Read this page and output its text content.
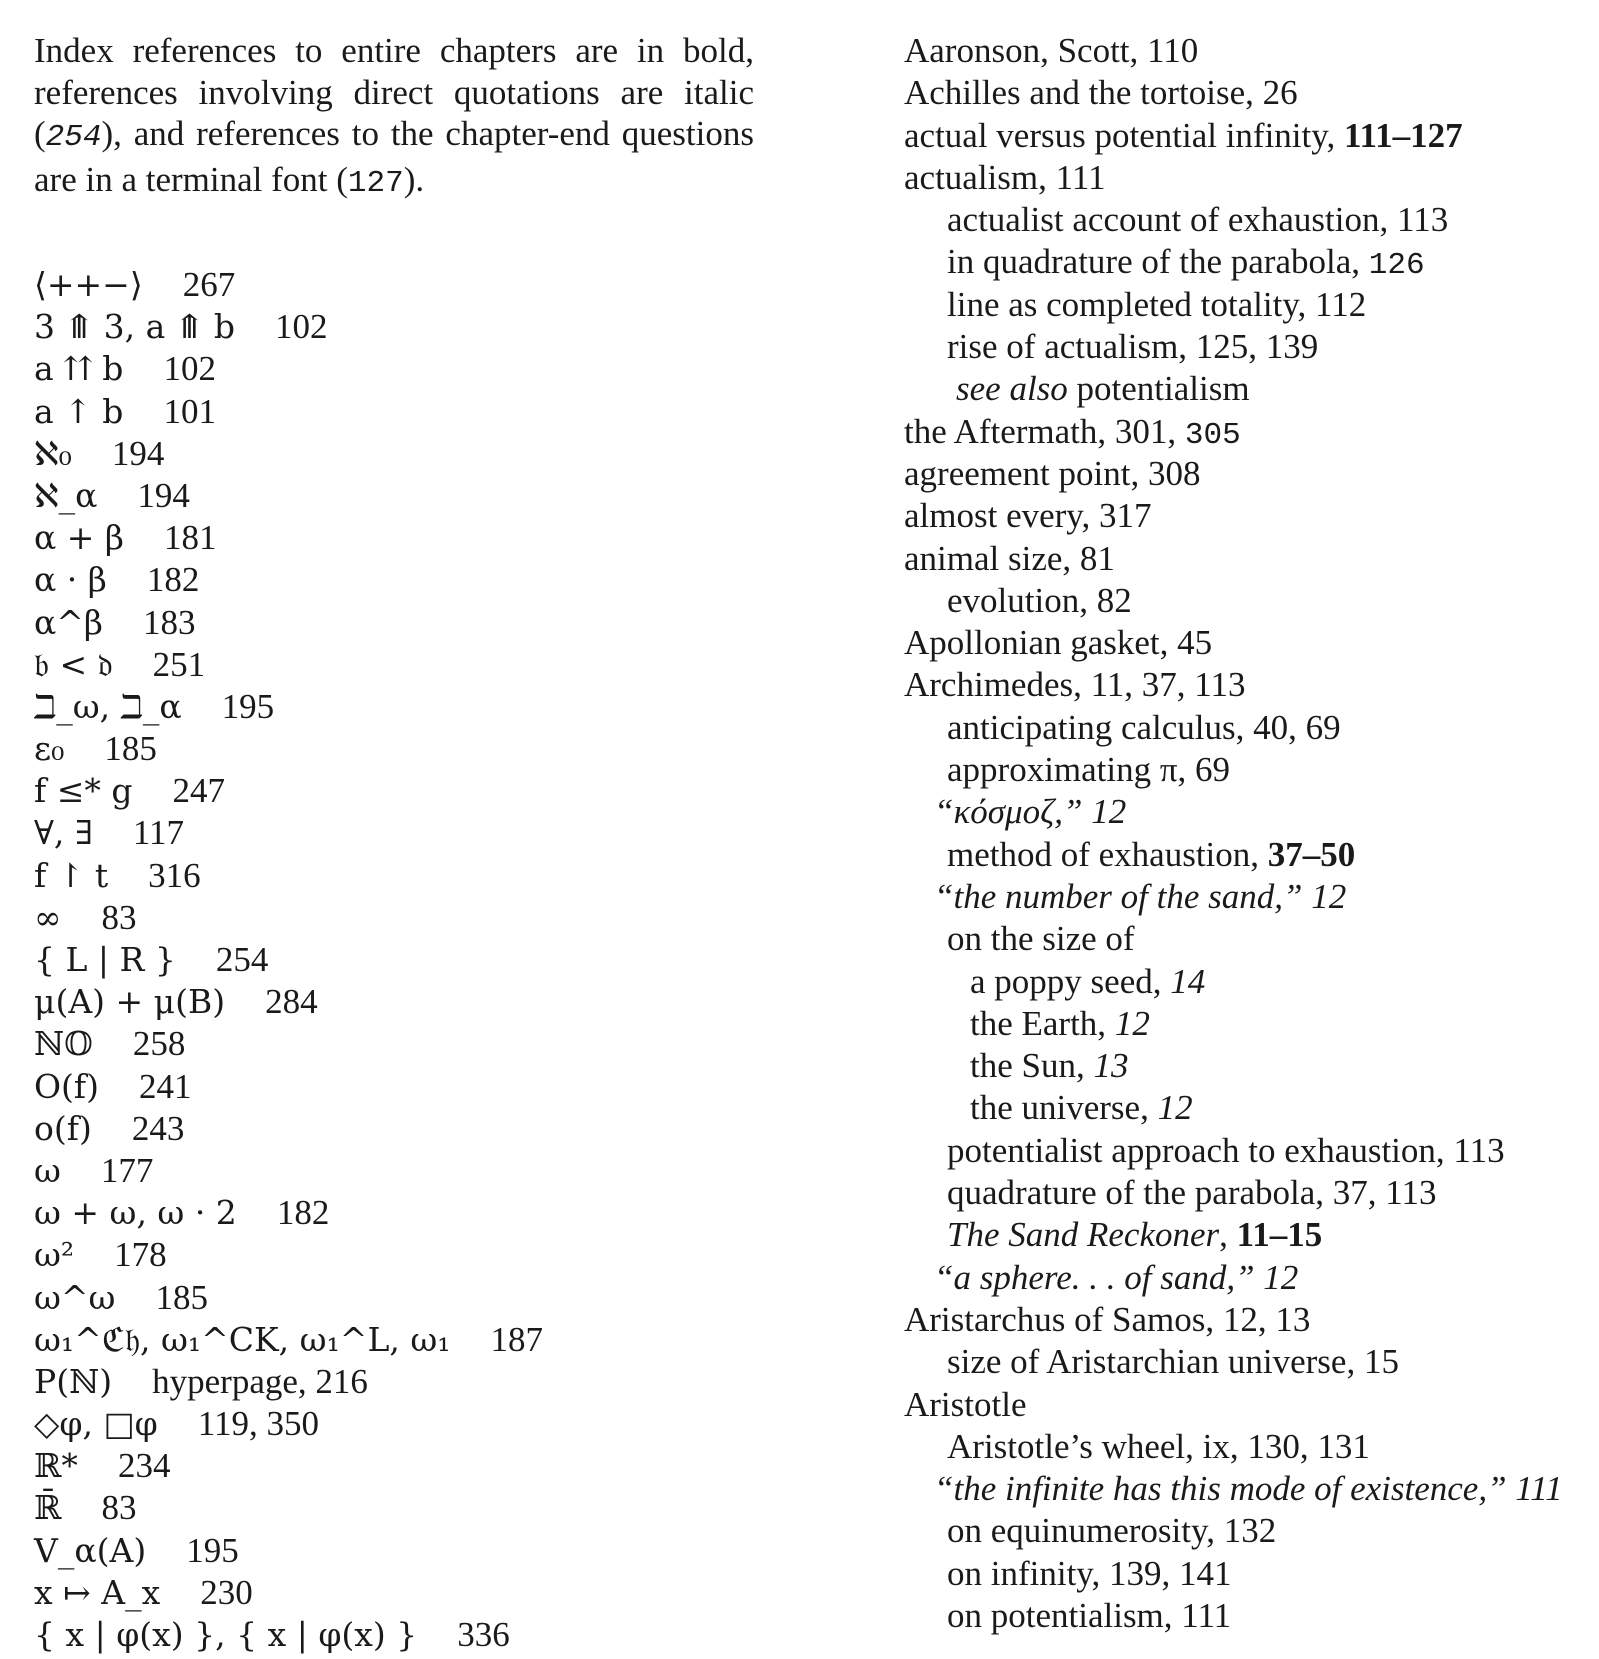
Index references to entire chapters are in bold, references involving direct quotations are italic (254), and references to the chapter-end questions are in a terminal font (127).

⟨++−⟩ 267
3 ⤊ 3, a ⤊ b 102
a ⇈ b 102
a ↑ b 101
ℵ₀ 194
ℵ_α 194
α + β 181
α · β 182
α^β 183
𝔟 < 𝔡 251
ℶ_ω, ℶ_α 195
ε₀ 185
f ≤* g 247
∀, ∃ 117
f ↾ t 316
∞ 83
{ L | R } 254
μ(A) + μ(B) 284
ℕ𝕆 258
O(f) 241
o(f) 243
ω 177
ω + ω, ω · 2 182
ω² 178
ω^ω 185
ω₁^ℭ𝔥, ω₁^CK, ω₁^L, ω₁ 187
P(ℕ) hyperpage, 216
◇φ, □φ 119, 350
ℝ* 234
ℝ̄ 83
V_α(A) 195
x ↦ A_x 230
{ x | φ(x) }, { x | φ(x) } 336
Aaronson, Scott, 110
Achilles and the tortoise, 26
actual versus potential infinity, 111–127
actualism, 111
actualist account of exhaustion, 113
in quadrature of the parabola, 126
line as completed totality, 112
rise of actualism, 125, 139
see also potentialism
the Aftermath, 301, 305
agreement point, 308
almost every, 317
animal size, 81
evolution, 82
Apollonian gasket, 45
Archimedes, 11, 37, 113
anticipating calculus, 40, 69
approximating π, 69
“κόσμοζ,” 12
method of exhaustion, 37–50
“the number of the sand,” 12
on the size of
a poppy seed, 14
the Earth, 12
the Sun, 13
the universe, 12
potentialist approach to exhaustion, 113
quadrature of the parabola, 37, 113
The Sand Reckoner, 11–15
“a sphere. . . of sand,” 12
Aristarchus of Samos, 12, 13
size of Aristarchian universe, 15
Aristotle
Aristotle’s wheel, ix, 130, 131
“the infinite has this mode of existence,” 111
on equinumerosity, 132
on infinity, 139, 141
on potentialism, 111
